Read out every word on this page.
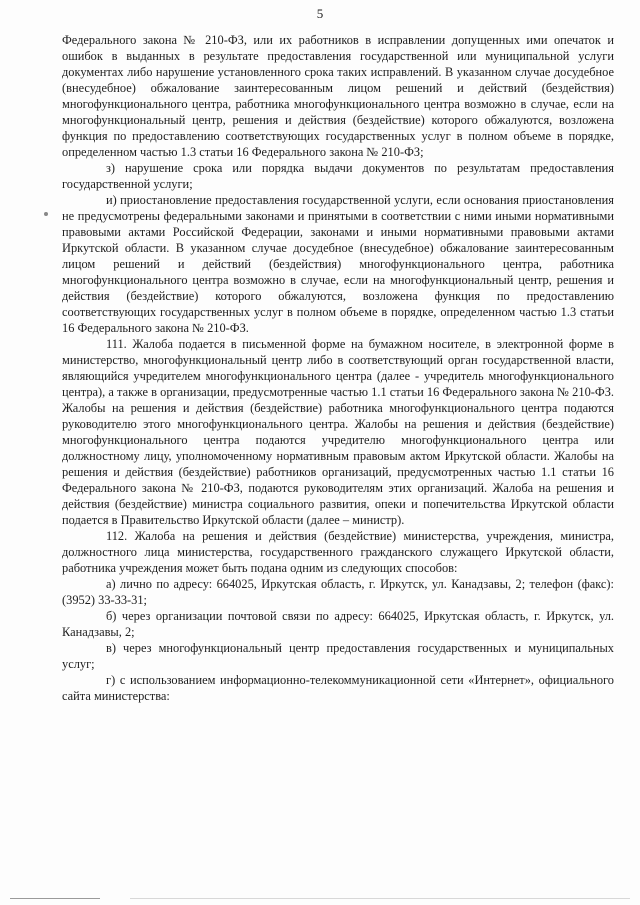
5

Федерального закона № 210-ФЗ, или их работников в исправлении допущенных ими опечаток и ошибок в выданных в результате предоставления государственной или муниципальной услуги документах либо нарушение установленного срока таких исправлений. В указанном случае досудебное (внесудебное) обжалование заинтересованным лицом решений и действий (бездействия) многофункционального центра, работника многофункционального центра возможно в случае, если на многофункциональный центр, решения и действия (бездействие) которого обжалуются, возложена функция по предоставлению соответствующих государственных услуг в полном объеме в порядке, определенном частью 1.3 статьи 16 Федерального закона № 210-ФЗ;

з) нарушение срока или порядка выдачи документов по результатам предоставления государственной услуги;

и) приостановление предоставления государственной услуги, если основания приостановления не предусмотрены федеральными законами и принятыми в соответствии с ними иными нормативными правовыми актами Российской Федерации, законами и иными нормативными правовыми актами Иркутской области. В указанном случае досудебное (внесудебное) обжалование заинтересованным лицом решений и действий (бездействия) многофункционального центра, работника многофункционального центра возможно в случае, если на многофункциональный центр, решения и действия (бездействие) которого обжалуются, возложена функция по предоставлению соответствующих государственных услуг в полном объеме в порядке, определенном частью 1.3 статьи 16 Федерального закона № 210-ФЗ.

111. Жалоба подается в письменной форме на бумажном носителе, в электронной форме в министерство, многофункциональный центр либо в соответствующий орган государственной власти, являющийся учредителем многофункционального центра (далее - учредитель многофункционального центра), а также в организации, предусмотренные частью 1.1 статьи 16 Федерального закона № 210-ФЗ. Жалобы на решения и действия (бездействие) работника многофункционального центра подаются руководителю этого многофункционального центра. Жалобы на решения и действия (бездействие) многофункционального центра подаются учредителю многофункционального центра или должностному лицу, уполномоченному нормативным правовым актом Иркутской области. Жалобы на решения и действия (бездействие) работников организаций, предусмотренных частью 1.1 статьи 16 Федерального закона № 210-ФЗ, подаются руководителям этих организаций. Жалоба на решения и действия (бездействие) министра социального развития, опеки и попечительства Иркутской области подается в Правительство Иркутской области (далее – министр).

112. Жалоба на решения и действия (бездействие) министерства, учреждения, министра, должностного лица министерства, государственного гражданского служащего Иркутской области, работника учреждения может быть подана одним из следующих способов:

а) лично по адресу: 664025, Иркутская область, г. Иркутск, ул. Канадзавы, 2; телефон (факс): (3952) 33-33-31;

б) через организации почтовой связи по адресу: 664025, Иркутская область, г. Иркутск, ул. Канадзавы, 2;

в) через многофункциональный центр предоставления государственных и муниципальных услуг;

г) с использованием информационно-телекоммуникационной сети «Интернет», официального сайта министерства:
